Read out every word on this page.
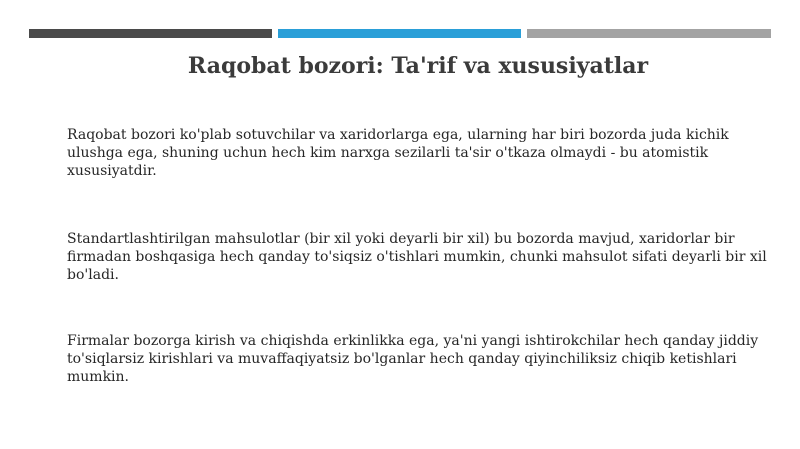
Raqobat bozori: Ta'rif va xususiyatlar

Raqobat bozori ko'plab sotuvchilar va xaridorlarga ega, ularning har biri bozorda juda kichik ulushga ega, shuning uchun hech kim narxga sezilarli ta'sir o'tkaza olmaydi - bu atomistik xususiyatdir.

Standartlashtirilgan mahsulotlar (bir xil yoki deyarli bir xil) bu bozorda mavjud, xaridorlar bir firmadan boshqasiga hech qanday to'siqsiz o'tishlari mumkin, chunki mahsulot sifati deyarli bir xil bo'ladi.

Firmalar bozorga kirish va chiqishda erkinlikka ega, ya'ni yangi ishtirokchilar hech qanday jiddiy to'siqlarsiz kirishlari va muvaffaqiyatsiz bo'lganlar hech qanday qiyinchiliksiz chiqib ketishlari mumkin.
